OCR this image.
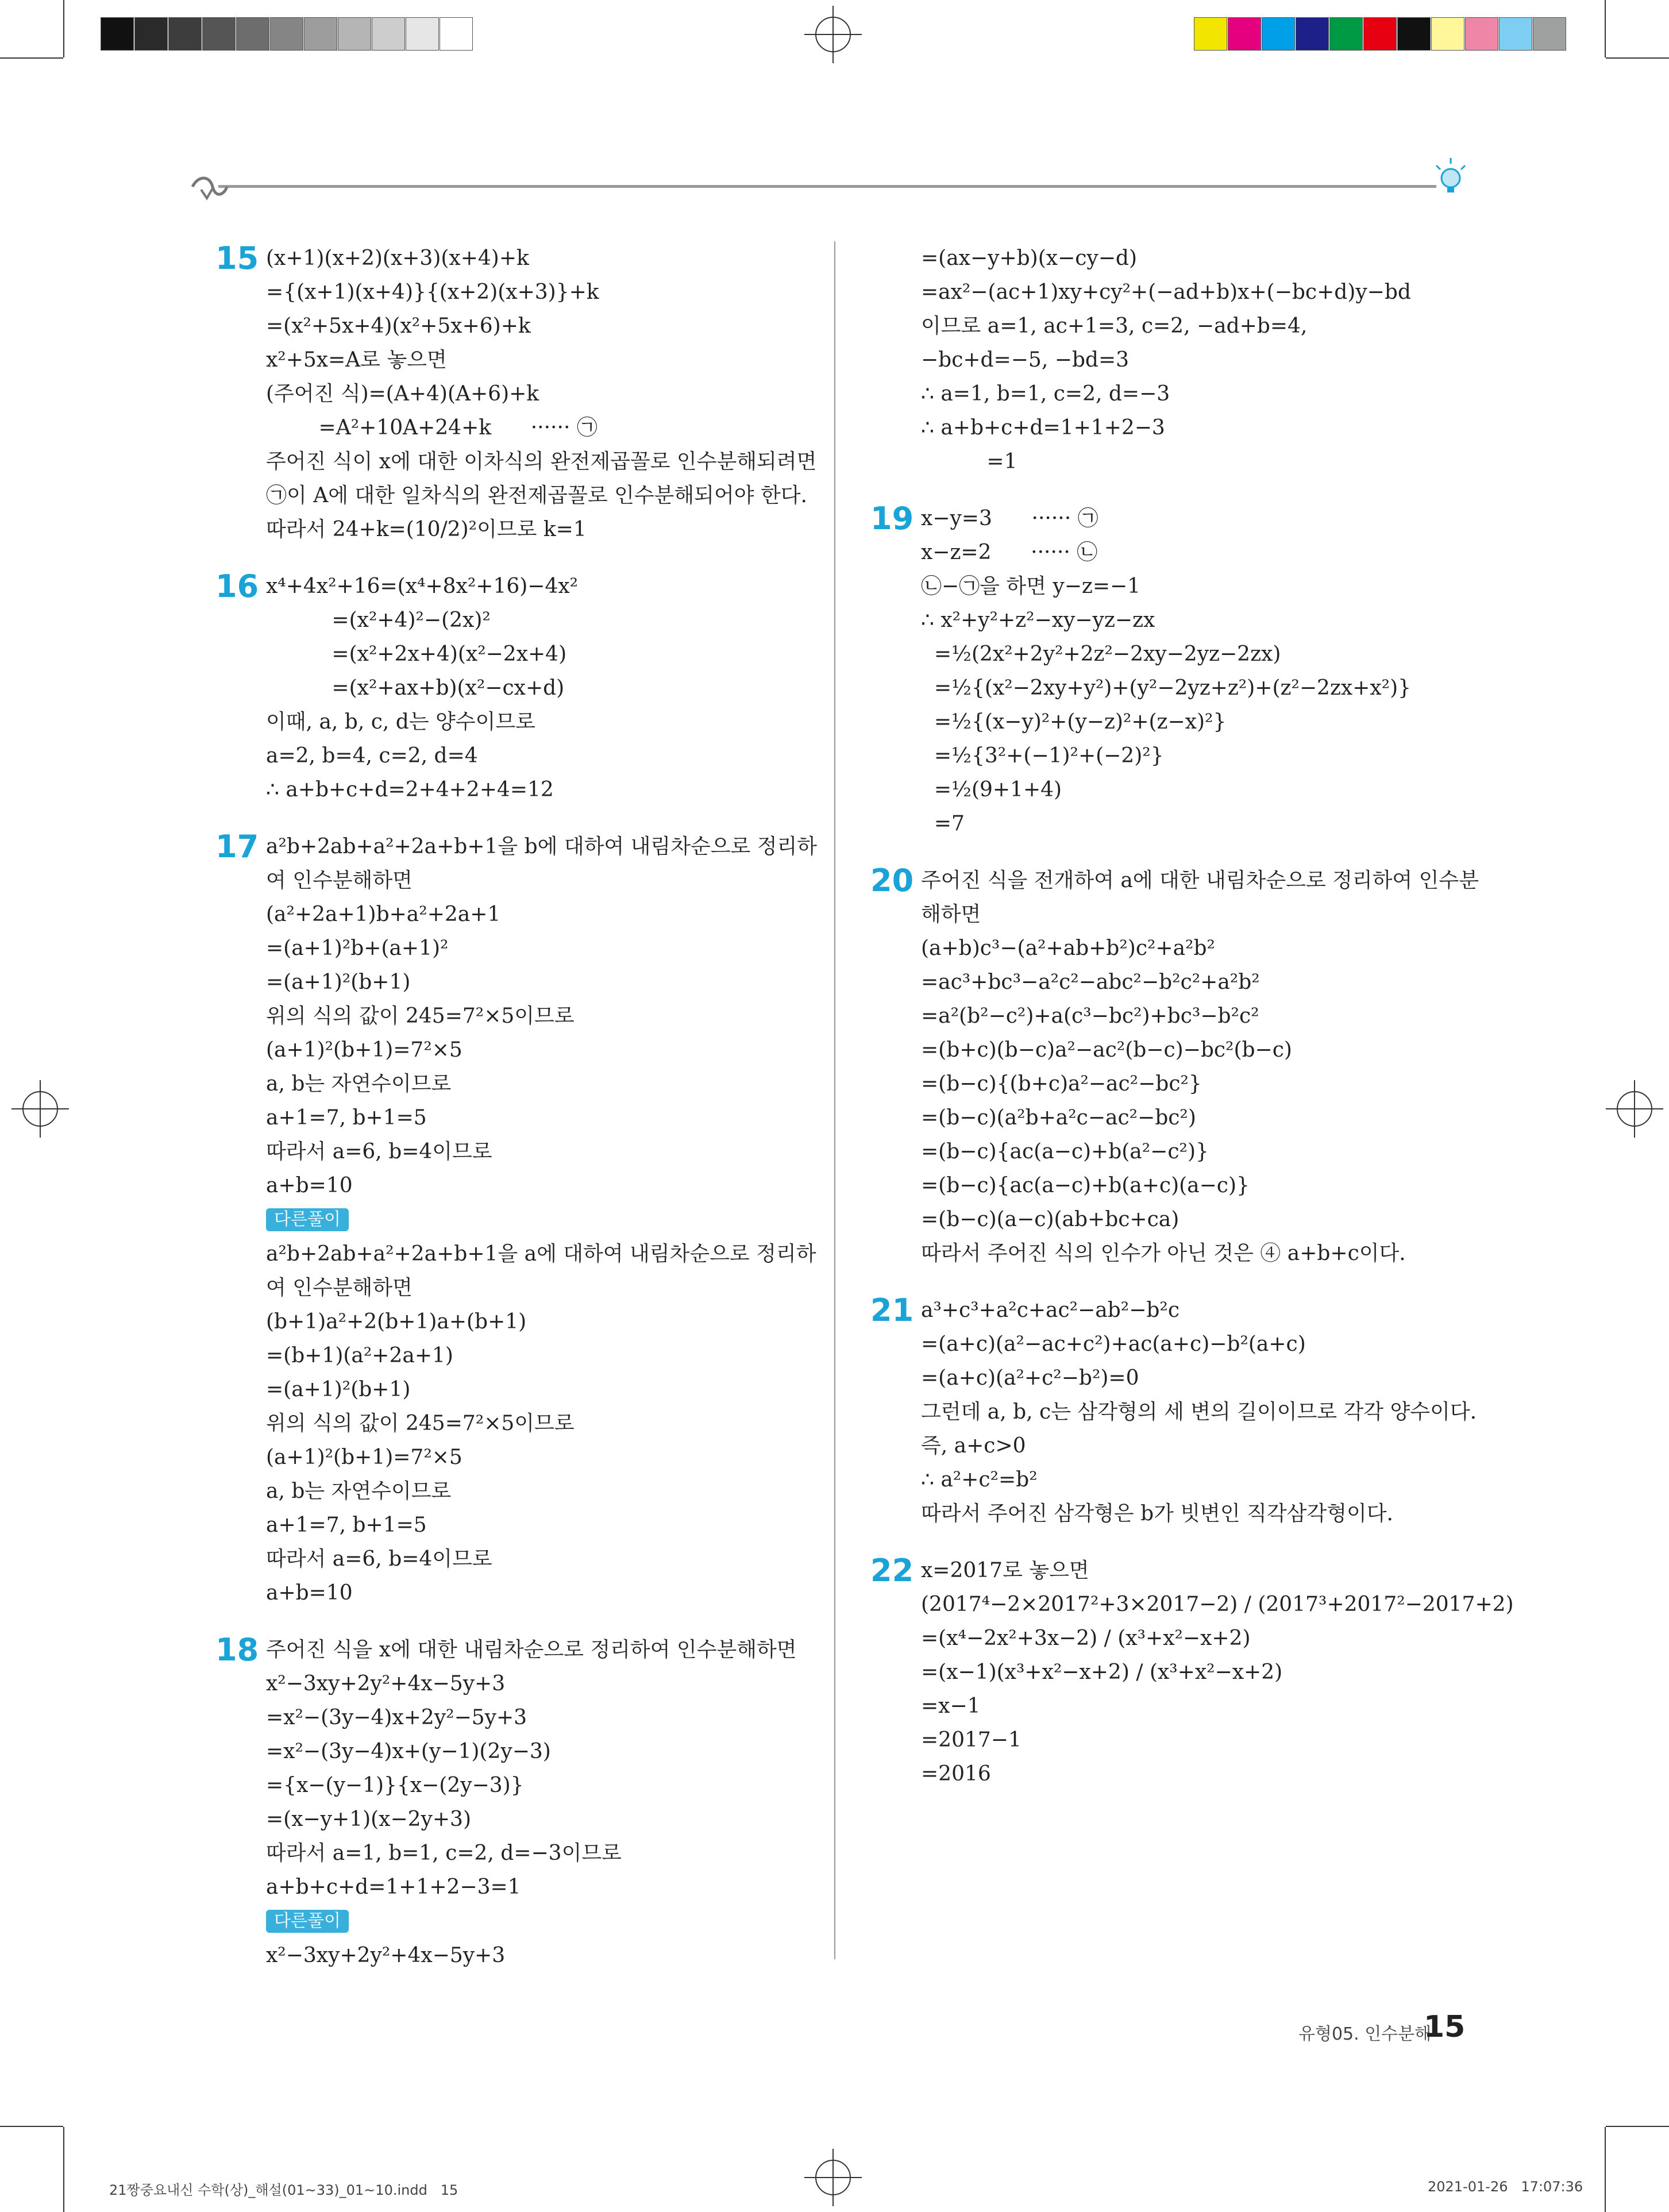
15 (x+1)(x+2)(x+3)(x+4)+k
={(x+1)(x+4)}{(x+2)(x+3)}+k
=(x²+5x+4)(x²+5x+6)+k
x²+5x=A로 놓으면
(주어진 식)=(A+4)(A+6)+k
=A²+10A+24+k      ······ ㉠
주어진 식이 x에 대한 이차식의 완전제곱꼴로 인수분해되려면
㉠이 A에 대한 일차식의 완전제곱꼴로 인수분해되어야 한다.
따라서 24+k=(10/2)²이므로 k=1
16 x⁴+4x²+16=(x⁴+8x²+16)−4x²
=(x²+4)²−(2x)²
=(x²+2x+4)(x²−2x+4)
=(x²+ax+b)(x²−cx+d)
이때, a, b, c, d는 양수이므로
a=2, b=4, c=2, d=4
∴ a+b+c+d=2+4+2+4=12
17 a²b+2ab+a²+2a+b+1을 b에 대하여 내림차순으로 정리하
여 인수분해하면
(a²+2a+1)b+a²+2a+1
=(a+1)²b+(a+1)²
=(a+1)²(b+1)
위의 식의 값이 245=7²×5이므로
(a+1)²(b+1)=7²×5
a, b는 자연수이므로
a+1=7, b+1=5
따라서 a=6, b=4이므로
a+b=10
다른풀이
a²b+2ab+a²+2a+b+1을 a에 대하여 내림차순으로 정리하
여 인수분해하면
(b+1)a²+2(b+1)a+(b+1)
=(b+1)(a²+2a+1)
=(a+1)²(b+1)
위의 식의 값이 245=7²×5이므로
(a+1)²(b+1)=7²×5
a, b는 자연수이므로
a+1=7, b+1=5
따라서 a=6, b=4이므로
a+b=10
18 주어진 식을 x에 대한 내림차순으로 정리하여 인수분해하면
x²−3xy+2y²+4x−5y+3
=x²−(3y−4)x+2y²−5y+3
=x²−(3y−4)x+(y−1)(2y−3)
={x−(y−1)}{x−(2y−3)}
=(x−y+1)(x−2y+3)
따라서 a=1, b=1, c=2, d=−3이므로
a+b+c+d=1+1+2−3=1
다른풀이
x²−3xy+2y²+4x−5y+3
=(ax−y+b)(x−cy−d)
=ax²−(ac+1)xy+cy²+(−ad+b)x+(−bc+d)y−bd
이므로 a=1, ac+1=3, c=2, −ad+b=4,
−bc+d=−5, −bd=3
∴ a=1, b=1, c=2, d=−3
∴ a+b+c+d=1+1+2−3
=1
19 x−y=3      ······ ㉠
x−z=2      ······ ㉡
㉡−㉠을 하면 y−z=−1
∴ x²+y²+z²−xy−yz−zx
=½(2x²+2y²+2z²−2xy−2yz−2zx)
=½{(x²−2xy+y²)+(y²−2yz+z²)+(z²−2zx+x²)}
=½{(x−y)²+(y−z)²+(z−x)²}
=½{3²+(−1)²+(−2)²}
=½(9+1+4)
=7
20 주어진 식을 전개하여 a에 대한 내림차순으로 정리하여 인수분
해하면
(a+b)c³−(a²+ab+b²)c²+a²b²
=ac³+bc³−a²c²−abc²−b²c²+a²b²
=a²(b²−c²)+a(c³−bc²)+bc³−b²c²
=(b+c)(b−c)a²−ac²(b−c)−bc²(b−c)
=(b−c){(b+c)a²−ac²−bc²}
=(b−c)(a²b+a²c−ac²−bc²)
=(b−c){ac(a−c)+b(a²−c²)}
=(b−c){ac(a−c)+b(a+c)(a−c)}
=(b−c)(a−c)(ab+bc+ca)
따라서 주어진 식의 인수가 아닌 것은 ④ a+b+c이다.
21 a³+c³+a²c+ac²−ab²−b²c
=(a+c)(a²−ac+c²)+ac(a+c)−b²(a+c)
=(a+c)(a²+c²−b²)=0
그런데 a, b, c는 삼각형의 세 변의 길이이므로 각각 양수이다.
즉, a+c>0
∴ a²+c²=b²
따라서 주어진 삼각형은 b가 빗변인 직각삼각형이다.
22 x=2017로 놓으면
(2017⁴−2×2017²+3×2017−2) / (2017³+2017²−2017+2)
=(x⁴−2x²+3x−2) / (x³+x²−x+2)
=(x−1)(x³+x²−x+2) / (x³+x²−x+2)
=x−1
=2017−1
=2016
유형05. 인수분해
15
21짱중요내신 수학(상)_해설(01~33)_01~10.indd   15	2021-01-26   17:07:36
